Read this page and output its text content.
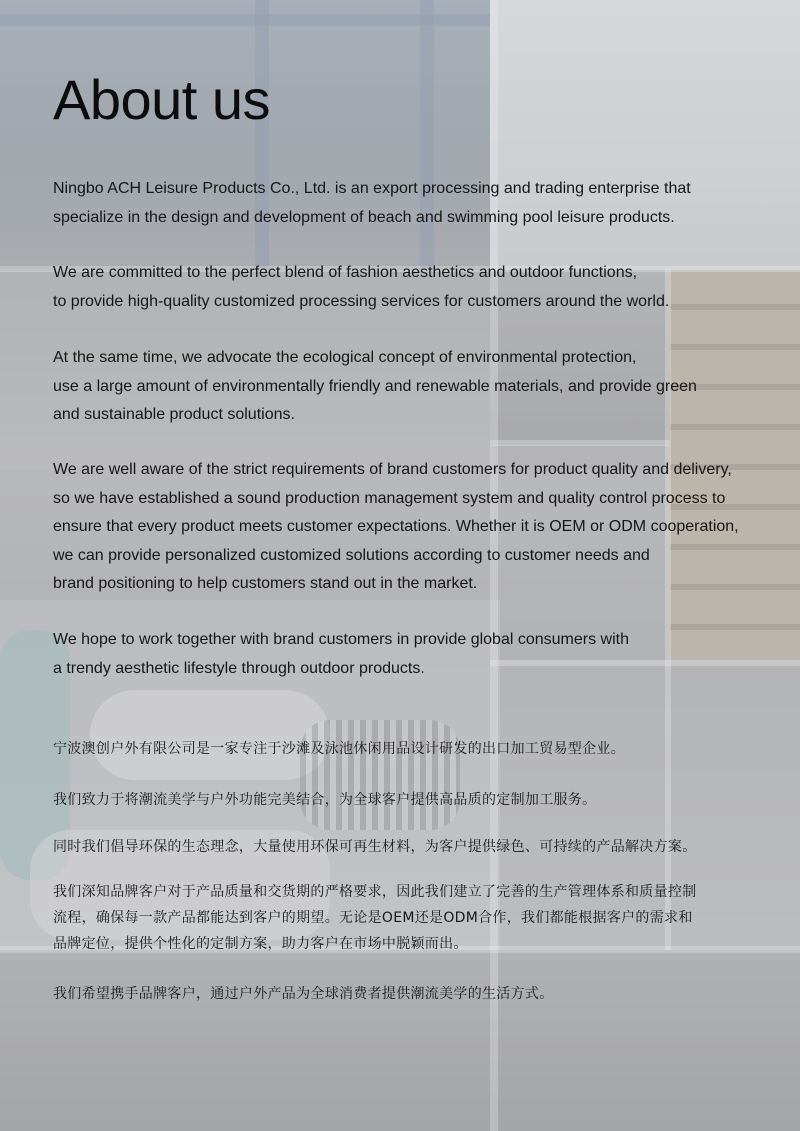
About us

Ningbo ACH Leisure Products Co., Ltd. is an export processing and trading enterprise that
specialize in the design and development of beach and swimming pool leisure products.

We are committed to the perfect blend of fashion aesthetics and outdoor functions,
to provide high-quality customized processing services for customers around the world.

At the same time, we advocate the ecological concept of environmental protection,
use a large amount of environmentally friendly and renewable materials, and provide green
and sustainable product solutions.

We are well aware of the strict requirements of brand customers for product quality and delivery,
so we have established a sound production management system and quality control process to
ensure that every product meets customer expectations. Whether it is OEM or ODM cooperation,
we can provide personalized customized solutions according to customer needs and
brand positioning to help customers stand out in the market.

We hope to work together with brand customers in provide global consumers with
a trendy aesthetic lifestyle through outdoor products.

宁波澳创户外有限公司是一家专注于沙滩及泳池休闲用品设计研发的出口加工贸易型企业。

我们致力于将潮流美学与户外功能完美结合，为全球客户提供高品质的定制加工服务。

同时我们倡导环保的生态理念，大量使用环保可再生材料，为客户提供绿色、可持续的产品解决方案。

我们深知品牌客户对于产品质量和交货期的严格要求，因此我们建立了完善的生产管理体系和质量控制
流程，确保每一款产品都能达到客户的期望。无论是OEM还是ODM合作，我们都能根据客户的需求和
品牌定位，提供个性化的定制方案，助力客户在市场中脱颖而出。

我们希望携手品牌客户，通过户外产品为全球消费者提供潮流美学的生活方式。
